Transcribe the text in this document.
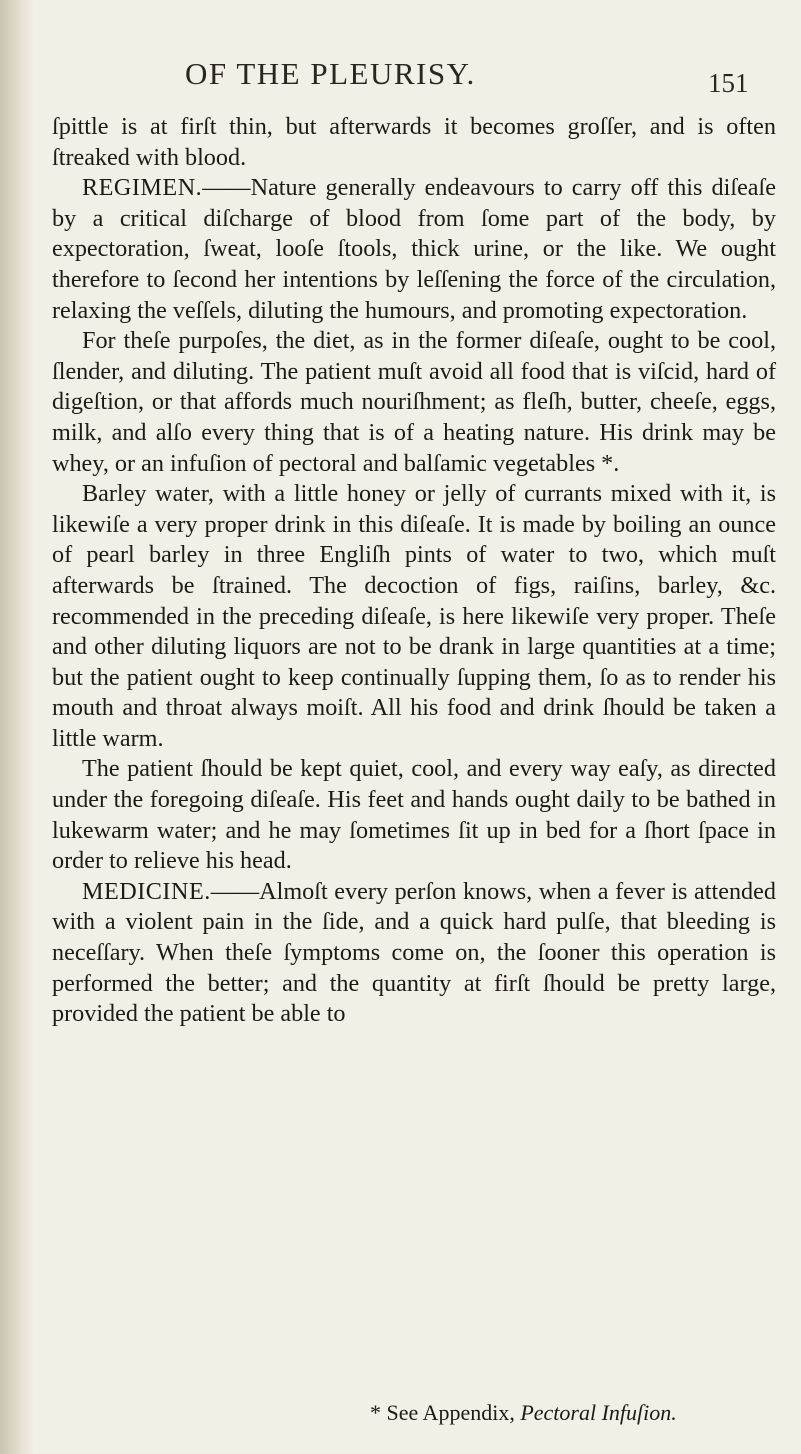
OF THE PLEURISY.	151

ſpittle is at firſt thin, but afterwards it becomes groſſer, and is often ſtreaked with blood.

REGIMEN.——Nature generally endeavours to carry off this diſeaſe by a critical diſcharge of blood from ſome part of the body, by expectoration, ſweat, looſe ſtools, thick urine, or the like. We ought therefore to ſecond her intentions by leſſening the force of the circulation, relaxing the veſſels, diluting the humours, and promoting expectoration.

For theſe purpoſes, the diet, as in the former diſeaſe, ought to be cool, ſlender, and diluting. The patient muſt avoid all food that is viſcid, hard of digeſtion, or that affords much nouriſhment; as fleſh, butter, cheeſe, eggs, milk, and alſo every thing that is of a heating nature. His drink may be whey, or an infuſion of pectoral and balſamic vegetables *.

Barley water, with a little honey or jelly of currants mixed with it, is likewiſe a very proper drink in this diſeaſe. It is made by boiling an ounce of pearl barley in three Engliſh pints of water to two, which muſt afterwards be ſtrained. The decoction of figs, raiſins, barley, &c. recommended in the preceding diſeaſe, is here likewiſe very proper. Theſe and other diluting liquors are not to be drank in large quantities at a time; but the patient ought to keep continually ſupping them, ſo as to render his mouth and throat always moiſt. All his food and drink ſhould be taken a little warm.

The patient ſhould be kept quiet, cool, and every way eaſy, as directed under the foregoing diſeaſe. His feet and hands ought daily to be bathed in lukewarm water; and he may ſometimes ſit up in bed for a ſhort ſpace in order to relieve his head.

MEDICINE.——Almoſt every perſon knows, when a fever is attended with a violent pain in the ſide, and a quick hard pulſe, that bleeding is neceſſary. When theſe ſymptoms come on, the ſooner this operation is performed the better; and the quantity at firſt ſhould be pretty large, provided the patient be able to

* See Appendix, Pectoral Infuſion.
